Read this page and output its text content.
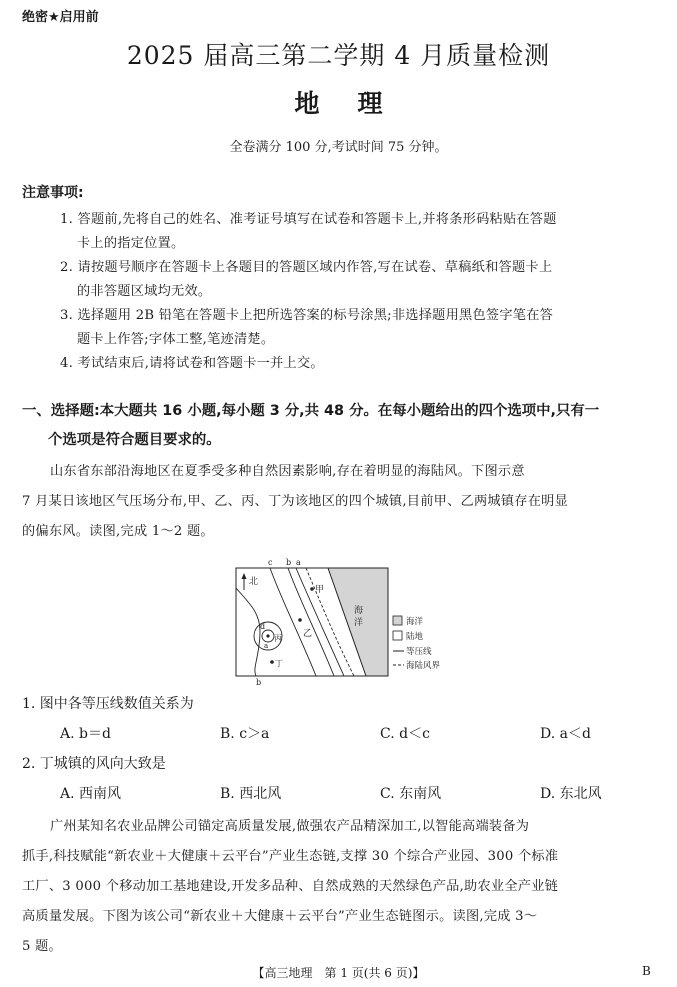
绝密★启用前
2025 届高三第二学期 4 月质量检测
地理
全卷满分 100 分,考试时间 75 分钟。
注意事项:
1. 答题前,先将自己的姓名、准考证号填写在试卷和答题卡上,并将条形码粘贴在答题
卡上的指定位置。
2. 请按题号顺序在答题卡上各题目的答题区域内作答,写在试卷、草稿纸和答题卡上
的非答题区域均无效。
3. 选择题用 2B 铅笔在答题卡上把所选答案的标号涂黑;非选择题用黑色签字笔在答
题卡上作答;字体工整,笔迹清楚。
4. 考试结束后,请将试卷和答题卡一并上交。
一、选择题:本大题共 16 小题,每小题 3 分,共 48 分。在每小题给出的四个选项中,只有一
个选项是符合题目要求的。
山东省东部沿海地区在夏季受多种自然因素影响,存在着明显的海陆风。下图示意
7 月某日该地区气压场分布,甲、乙、丙、丁为该地区的四个城镇,目前甲、乙两城镇存在明显
的偏东风。读图,完成 1～2 题。
北
c b a
d
a
b
甲
乙
丙
丁
海
洋	海洋
陆地
等压线
海陆风界
1. 图中各等压线数值关系为
A. b＝d	B. c＞a	C. d＜c	D. a＜d
2. 丁城镇的风向大致是
A. 西南风	B. 西北风	C. 东南风	D. 东北风
广州某知名农业品牌公司锚定高质量发展,做强农产品精深加工,以智能高端装备为
抓手,科技赋能“新农业＋大健康＋云平台”产业生态链,支撑 30 个综合产业园、300 个标准
工厂、3 000 个移动加工基地建设,开发多品种、自然成熟的天然绿色产品,助农业全产业链
高质量发展。下图为该公司“新农业＋大健康＋云平台”产业生态链图示。读图,完成 3～
5 题。
【高三地理　第 1 页(共 6 页)】	B
